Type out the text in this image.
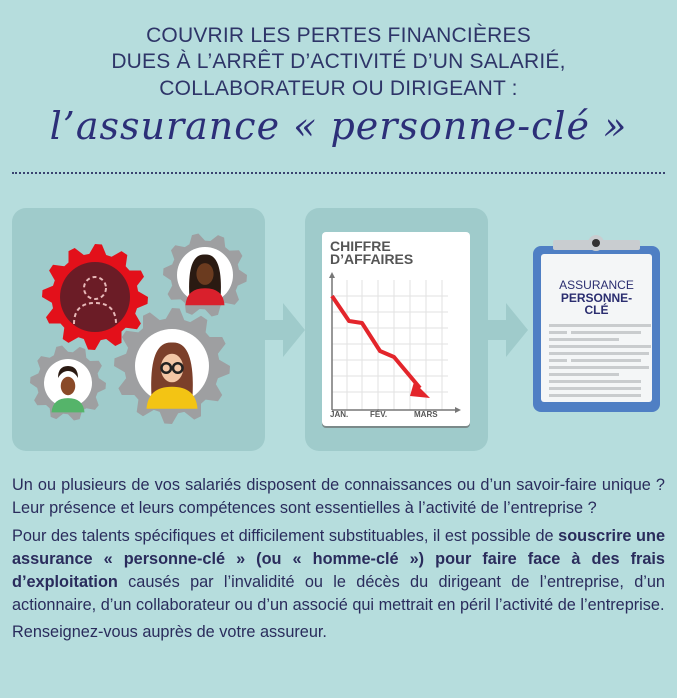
COUVRIR LES PERTES FINANCIÈRES
DUES À L’ARRÊT D’ACTIVITÉ D’UN SALARIÉ,
COLLABORATEUR OU DIRIGEANT :
l’assurance « personne-clé »
CHIFFRE
D’AFFAIRES
JAN.	FÉV.	MARS
ASSURANCE
PERSONNE-
CLÉ

Un ou plusieurs de vos salariés disposent de connaissances ou d’un savoir-faire unique ? Leur présence et leurs compétences sont essentielles à l’activité de l’entreprise ?

Pour des talents spécifiques et difficilement substituables, il est possible de souscrire une assurance « personne-clé » (ou « homme-clé ») pour faire face à des frais d’exploitation causés par l’invalidité ou le décès du dirigeant de l’entreprise, d’un actionnaire, d’un collaborateur ou d’un associé qui mettrait en péril l’activité de l’entreprise.

Renseignez-vous auprès de votre assureur.
